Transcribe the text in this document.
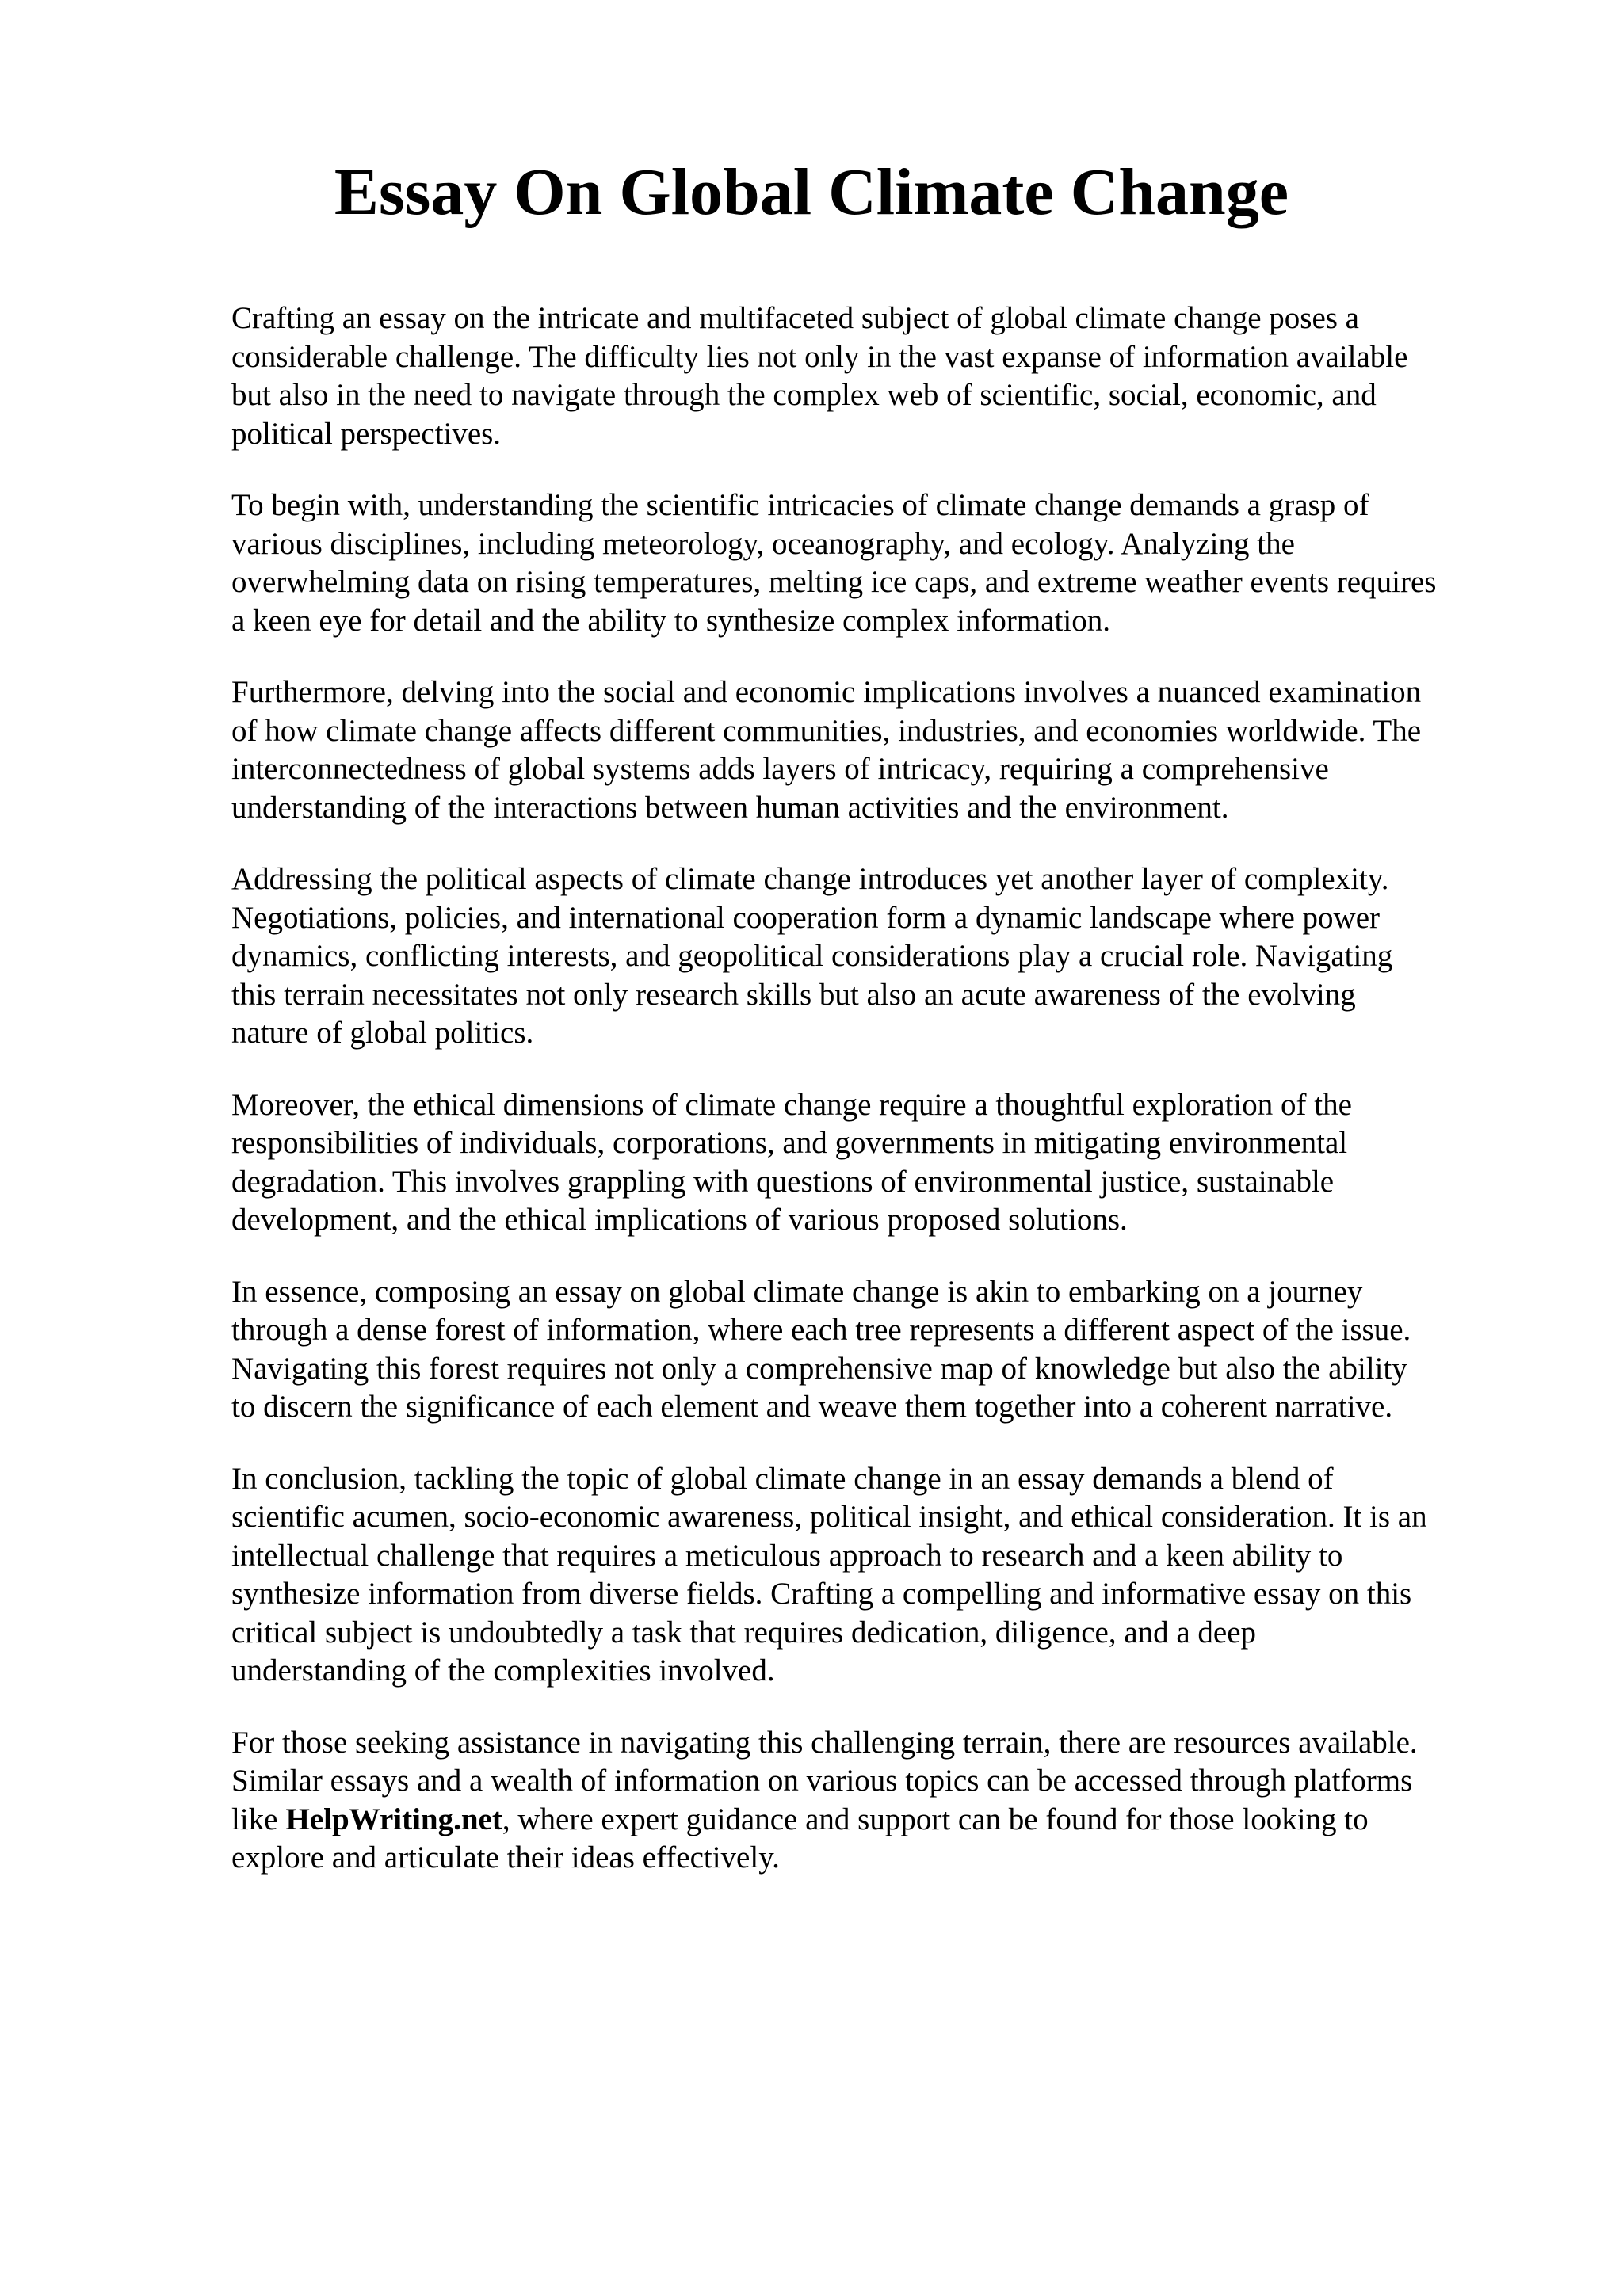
Essay On Global Climate Change

Crafting an essay on the intricate and multifaceted subject of global climate change poses a
considerable challenge. The difficulty lies not only in the vast expanse of information available
but also in the need to navigate through the complex web of scientific, social, economic, and
political perspectives.

To begin with, understanding the scientific intricacies of climate change demands a grasp of
various disciplines, including meteorology, oceanography, and ecology. Analyzing the
overwhelming data on rising temperatures, melting ice caps, and extreme weather events requires
a keen eye for detail and the ability to synthesize complex information.

Furthermore, delving into the social and economic implications involves a nuanced examination
of how climate change affects different communities, industries, and economies worldwide. The
interconnectedness of global systems adds layers of intricacy, requiring a comprehensive
understanding of the interactions between human activities and the environment.

Addressing the political aspects of climate change introduces yet another layer of complexity.
Negotiations, policies, and international cooperation form a dynamic landscape where power
dynamics, conflicting interests, and geopolitical considerations play a crucial role. Navigating
this terrain necessitates not only research skills but also an acute awareness of the evolving
nature of global politics.

Moreover, the ethical dimensions of climate change require a thoughtful exploration of the
responsibilities of individuals, corporations, and governments in mitigating environmental
degradation. This involves grappling with questions of environmental justice, sustainable
development, and the ethical implications of various proposed solutions.

In essence, composing an essay on global climate change is akin to embarking on a journey
through a dense forest of information, where each tree represents a different aspect of the issue.
Navigating this forest requires not only a comprehensive map of knowledge but also the ability
to discern the significance of each element and weave them together into a coherent narrative.

In conclusion, tackling the topic of global climate change in an essay demands a blend of
scientific acumen, socio-economic awareness, political insight, and ethical consideration. It is an
intellectual challenge that requires a meticulous approach to research and a keen ability to
synthesize information from diverse fields. Crafting a compelling and informative essay on this
critical subject is undoubtedly a task that requires dedication, diligence, and a deep
understanding of the complexities involved.

For those seeking assistance in navigating this challenging terrain, there are resources available.
Similar essays and a wealth of information on various topics can be accessed through platforms
like HelpWriting.net, where expert guidance and support can be found for those looking to
explore and articulate their ideas effectively.
